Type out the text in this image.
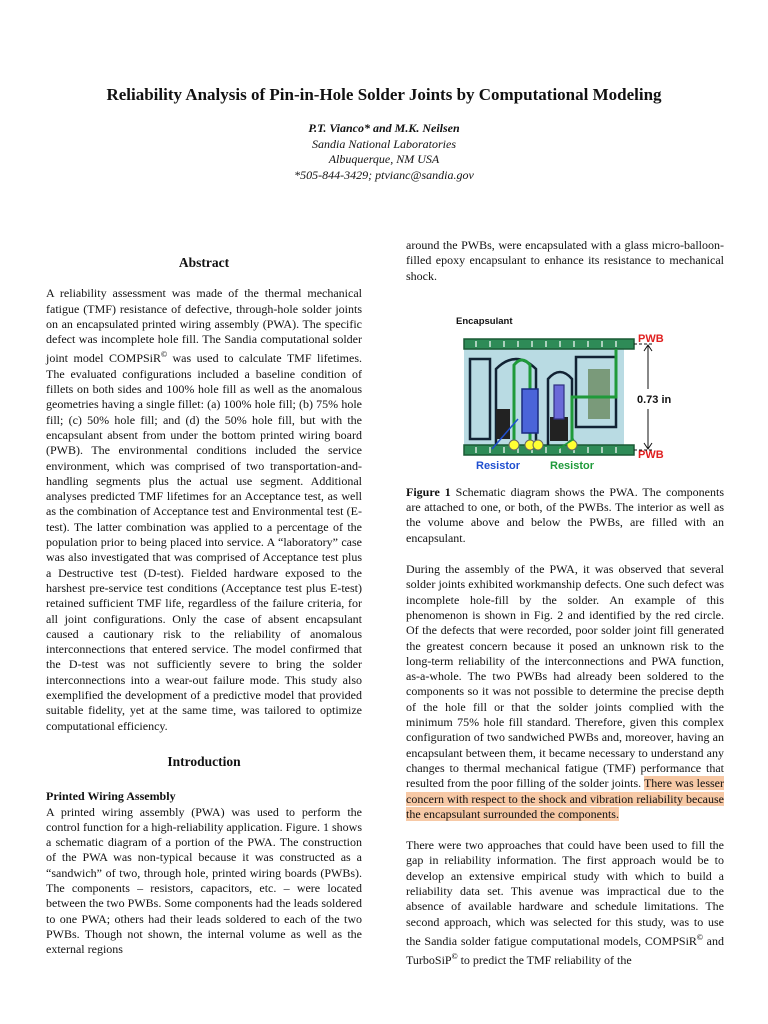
Reliability Analysis of Pin-in-Hole Solder Joints by Computational Modeling
P.T. Vianco* and M.K. Neilsen
Sandia National Laboratories
Albuquerque, NM USA
*505-844-3429; ptvianc@sandia.gov
Abstract

A reliability assessment was made of the thermal mechanical fatigue (TMF) resistance of defective, through-hole solder joints on an encapsulated printed wiring assembly (PWA). The specific defect was incomplete hole fill. The Sandia computational solder joint model COMPSiR© was used to calculate TMF lifetimes. The evaluated configurations included a baseline condition of fillets on both sides and 100% hole fill as well as the anomalous geometries having a single fillet: (a) 100% hole fill; (b) 75% hole fill; (c) 50% hole fill; and (d) the 50% hole fill, but with the encapsulant absent from under the bottom printed wiring board (PWB). The environmental conditions included the service environment, which was comprised of two transportation-and-handling segments plus the actual use segment. Additional analyses predicted TMF lifetimes for an Acceptance test, as well as the combination of Acceptance test and Environmental test (E-test). The latter combination was applied to a percentage of the population prior to being placed into service. A “laboratory” case was also investigated that was comprised of Acceptance test plus a Destructive test (D-test). Fielded hardware exposed to the harshest pre-service test conditions (Acceptance test plus E-test) retained sufficient TMF life, regardless of the failure criteria, for all joint configurations. Only the case of absent encapsulant caused a cautionary risk to the reliability of anomalous interconnections that entered service. The model confirmed that the D-test was not sufficiently severe to bring the solder interconnections into a wear-out failure mode. This study also exemplified the development of a predictive model that provided suitable fidelity, yet at the same time, was tailored to optimize computational efficiency.

Introduction
Printed Wiring Assembly

A printed wiring assembly (PWA) was used to perform the control function for a high-reliability application. Figure. 1 shows a schematic diagram of a portion of the PWA. The construction of the PWA was non-typical because it was constructed as a “sandwich” of two, through hole, printed wiring boards (PWBs). The components – resistors, capacitors, etc. – were located between the two PWBs. Some components had the leads soldered to one PWA; others had their leads soldered to each of the two PWBs. Though not shown, the internal volume as well as the external regions

around the PWBs, were encapsulated with a glass micro-balloon-filled epoxy encapsulant to enhance its resistance to mechanical shock.

Encapsulant
PWB
PWB
0.73 in
Resistor	Resistor

Figure 1 Schematic diagram shows the PWA. The components are attached to one, or both, of the PWBs. The interior as well as the volume above and below the PWBs, are filled with an encapsulant.

During the assembly of the PWA, it was observed that several solder joints exhibited workmanship defects. One such defect was incomplete hole-fill by the solder. An example of this phenomenon is shown in Fig. 2 and identified by the red circle. Of the defects that were recorded, poor solder joint fill generated the greatest concern because it posed an unknown risk to the long-term reliability of the interconnections and PWA function, as-a-whole. The two PWBs had already been soldered to the components so it was not possible to determine the precise depth of the hole fill or that the solder joints complied with the minimum 75% hole fill standard. Therefore, given this complex configuration of two sandwiched PWBs and, moreover, having an encapsulant between them, it became necessary to understand any changes to thermal mechanical fatigue (TMF) performance that resulted from the poor filling of the solder joints. There was lesser concern with respect to the shock and vibration reliability because the encapsulant surrounded the components.

There were two approaches that could have been used to fill the gap in reliability information. The first approach would be to develop an extensive empirical study with which to build a reliability data set. This avenue was impractical due to the absence of available hardware and schedule limitations. The second approach, which was selected for this study, was to use the Sandia solder fatigue computational models, COMPSiR© and TurboSiP© to predict the TMF reliability of the
